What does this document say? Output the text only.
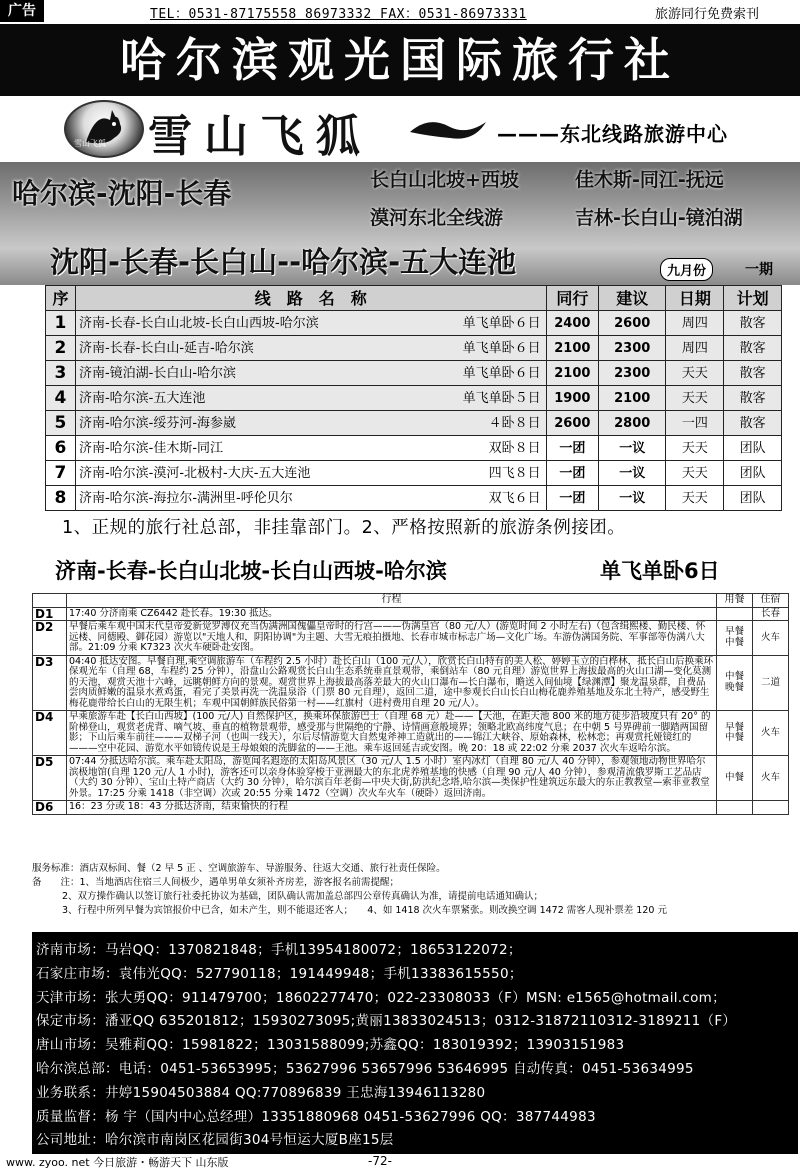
广告	TEL：0531-87175558 86973332 FAX：0531-86973331	旅游同行免费索刊
哈尔滨观光国际旅行社
雪山飞狐 雪山飞狐	———东北线路旅游中心
哈尔滨-沈阳-长春	长白山北坡+西坡	佳木斯-同江-抚远
漠河东北全线游	吉林-长白山-镜泊湖
沈阳-长春-长白山--哈尔滨-五大连池	九月份	一期
序	线　路　名　称	同行	建议	日期	计划
1	济南-长春-长白山北坡-长白山西坡-哈尔滨 单飞单卧６日	2400	2600	周四	散客
2	济南-长春-长白山-延吉-哈尔滨 单飞单卧６日	2100	2300	周四	散客
3	济南-镜泊湖-长白山-哈尔滨 单飞单卧６日	2100	2300	天天	散客
4	济南-哈尔滨-五大连池 单飞单卧５日	1900	2100	天天	散客
5	济南-哈尔滨-绥芬河-海参崴 ４卧８日	2600	2800	一四	散客
6	济南-哈尔滨-佳木斯-同江 双卧８日	一团	一议	天天	团队
7	济南-哈尔滨-漠河-北极村-大庆-五大连池 四飞８日	一团	一议	天天	团队
8	济南-哈尔滨-海拉尔-满洲里-呼伦贝尔 双飞６日	一团	一议	天天	团队
1、正规的旅行社总部，非挂靠部门。2、严格按照新的旅游条例接团。
济南-长春-长白山北坡-长白山西坡-哈尔滨	单飞单卧6日
	行程	用餐	住宿
D1	17:40 分济南乘 CZ6442 赴长春。19:30 抵达。		长春
D2	早餐后乘车观中国末代皇帝爱新觉罗溥仪充当伪满洲国傀儡皇帝时的行宫———伪满皇宫（80 元/人）(游览时间 2 小时左右)（包含缉熙楼、勤民楼、怀远楼、同德殿、御花园）游览以"天地人和，阴阳协调"为主题、大雪无痕拍摄地、长春市城市标志广场—文化广场。车游伪满国务院、军事部等伪满八大部。21:09 分乘 K7323 次火车硬卧赴安图。	早餐 中餐	火车
D3	04:40 抵达安图。早餐自理,乘空调旅游车（车程约 2.5 小时）赴长白山（100 元/人），欣赏长白山特有的美人松、婷婷玉立的白桦林，抵长白山后换乘环保观光车（自理 68，车程约 25 分钟），沿盘山公路观赏长白山生态系统垂直景观带，乘倒站车（80 元自理）游览世界上海拔最高的火山口湖—变化莫测的天池，观赏天池十六峰，远眺朝鲜方向的景观。观赏世界上海拔最高落差最大的火山口瀑布—长白瀑布，瞻送入间仙境【绿渊潭】聚龙温泉群，自费品尝肉质鲜嫩的温泉水煮鸡蛋，看完了美景再洗一洗温泉浴（门票 80 元自理），返回二道，途中参观长白山长白山梅花鹿养殖基地及东北土特产，感受野生梅花鹿带给长白山的无限生机；车观中国朝鲜族民俗第一村——红旗村（进村费用自理 20 元/人）。	中餐 晚餐	二道
D4	早乘旅游车赴【长白山西坡】(100 元/人) 自然保护区，换乘环保旅游巴士（自理 68 元）赴——【天池，在距天池 800 米的地方徒步沿坡度只有 20° 的阶梯登山，观赏老虎背、嘀气坡、垂直的植物景观带，感受那与世隔绝的宁静、诗情画意般境界；领略北欧高纬度气息；在中朝 5 号界碑前一脚踏两国留影；下山后乘车前往———双梯子河（也叫一线天），尔后尽情游览大自然鬼斧神工造就出的——锦江大峡谷、原始森林，松林恋；再观赏托娅镜红的———空中花园、游览水平如镜传说是王母娘娘的洗脚盆的——王池。乘车返回延吉或安图。晚 20：18 或 22:02 分乘 2037 次火车返哈尔滨。	早餐 中餐	火车
D5	07:44 分抵达哈尔滨。乘车赴太阳岛，游览闻名遐迩的太阳岛风景区（30 元/人 1.5 小时）室内冰灯（自理 80 元/人 40 分钟），参观领地动物世界哈尔滨极地馆(自理 120 元/人 1 小时)，游客还可以亲身体验穿梭于亚洲最大的东北虎养殖基地的快感（自理 90 元/人 40 分钟），参观清流俄罗斯工艺品店（大约 30 分钟）、宝山土特产商店（大约 30 分钟），哈尔滨百年老街—中央大街,防洪纪念塔,哈尔滨—类保护性建筑远东最大的东正教教堂—索菲亚教堂外景。17:25 分乘 1418（非空调）次或 20:55 分乘 1472（空调）次火车火车（硬卧）返回济南。	中餐	火车
D6	16：23 分或 18：43 分抵达济南，结束愉快的行程		
服务标准：酒店双标间、餐（2 早 5 正 、空调旅游车、导游服务、往返大交通、旅行社责任保险。
备　　注：1、当地酒店住宿三人间极少，遇单男单女须补齐房差，游客报名前需提醒；
2、双方操作确认以签订旅行社委托协议为基础，团队确认需加盖总部四公章传真确认为准，请提前电话通知确认；
3、行程中所列早餐为宾馆报价中已含，如未产生，则不能退还客人；　　4、如 1418 次火车票紧张。则改换空调 1472 需客人现补票差 120 元
济南市场：马岩QQ：1370821848；手机13954180072；18653122072；
石家庄市场：袁伟光QQ：527790118；191449948；手机13383615550；
天津市场：张大勇QQ：911479700；18602277470；022-23308033（F）MSN: e1565@hotmail.com；
保定市场：潘亚QQ 635201812；15930273095;黄丽13833024513；0312-31872110312-3189211（F）
唐山市场：吴雅莉QQ：15981822；13031588099;苏鑫QQ：183019392；13903151983
哈尔滨总部：电话：0451-53653995；53627996 53657996 53646995 自动传真：0451-53634995
业务联系：井婷15904503884 QQ:770896839 王忠海13946113280
质量监督：杨 宇（国内中心总经理）13351880968 0451-53627996 QQ：387744983
公司地址：哈尔滨市南岗区花园街304号恒运大厦B座15层
www. zyoo. net 今日旅游・畅游天下 山东版	-72-
